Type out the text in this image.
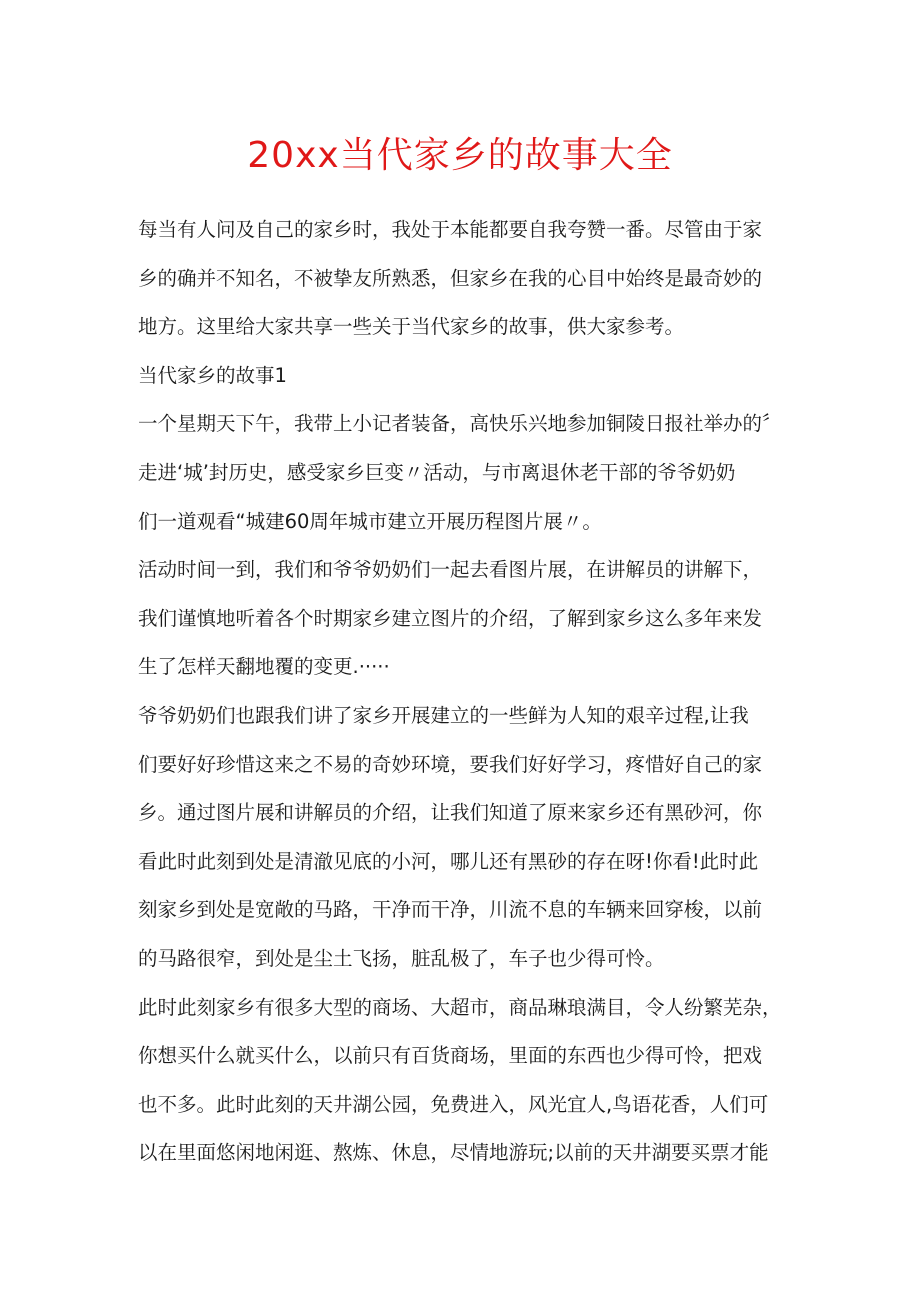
20xx当代家乡的故事大全
每当有人问及自己的家乡时，我处于本能都要自我夸赞一番。尽管由于家
乡的确并不知名，不被挚友所熟悉，但家乡在我的心目中始终是最奇妙的
地方。这里给大家共享一些关于当代家乡的故事，供大家参考。
当代家乡的故事1
一个星期天下午，我带上小记者装备，高快乐兴地参加铜陵日报社举办的〞
走进‘城’封历史，感受家乡巨变〃活动，与市离退休老干部的爷爷奶奶
们一道观看“城建60周年城市建立开展历程图片展〃。
活动时间一到，我们和爷爷奶奶们一起去看图片展，在讲解员的讲解下，
我们谨慎地听着各个时期家乡建立图片的介绍，了解到家乡这么多年来发
生了怎样天翻地覆的变更.·····
爷爷奶奶们也跟我们讲了家乡开展建立的一些鲜为人知的艰辛过程,让我
们要好好珍惜这来之不易的奇妙环境，要我们好好学习，疼惜好自己的家
乡。通过图片展和讲解员的介绍，让我们知道了原来家乡还有黑砂河，你
看此时此刻到处是清澈见底的小河，哪儿还有黑砂的存在呀!你看!此时此
刻家乡到处是宽敞的马路，干净而干净，川流不息的车辆来回穿梭，以前
的马路很窄，到处是尘土飞扬，脏乱极了，车子也少得可怜。
此时此刻家乡有很多大型的商场、大超市，商品琳琅满目，令人纷繁芜杂，
你想买什么就买什么，以前只有百货商场，里面的东西也少得可怜，把戏
也不多。此时此刻的天井湖公园，免费进入，风光宜人,鸟语花香，人们可
以在里面悠闲地闲逛、熬炼、休息，尽情地游玩;以前的天井湖要买票才能
